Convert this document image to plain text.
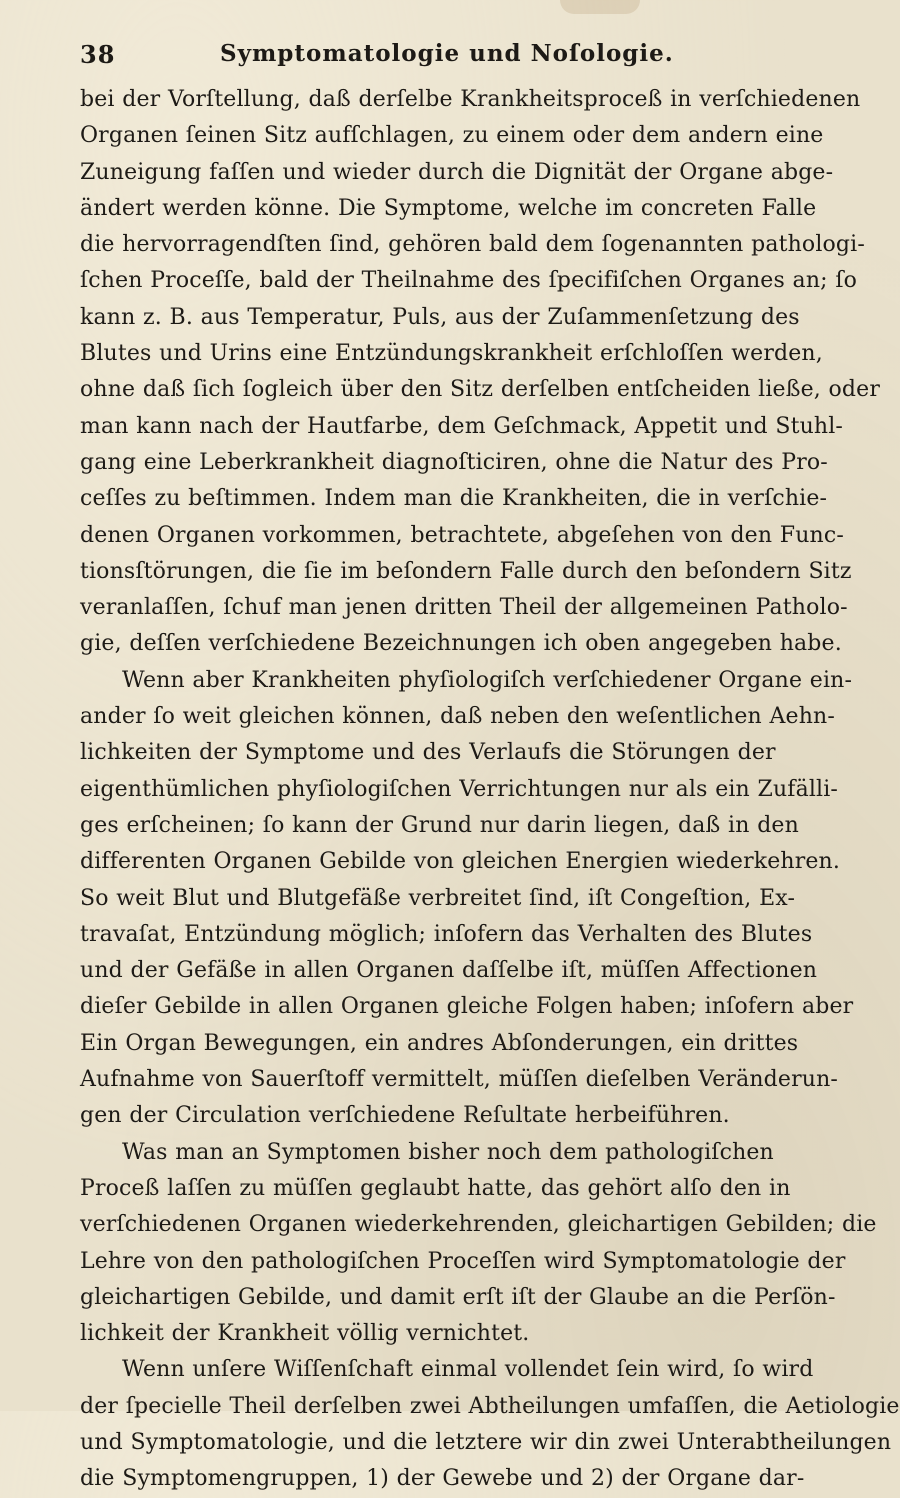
38	Symptomatologie und Noſologie.
bei der Vorſtellung, daß derſelbe Krankheitsproceß in verſchiedenen
Organen ſeinen Sitz aufſchlagen, zu einem oder dem andern eine
Zuneigung faſſen und wieder durch die Dignität der Organe abge-
ändert werden könne. Die Symptome, welche im concreten Falle
die hervorragendſten ſind, gehören bald dem ſogenannten pathologi-
ſchen Proceſſe, bald der Theilnahme des ſpecifiſchen Organes an; ſo
kann z. B. aus Temperatur, Puls, aus der Zuſammenſetzung des
Blutes und Urins eine Entzündungskrankheit erſchloſſen werden,
ohne daß ſich ſogleich über den Sitz derſelben entſcheiden ließe, oder
man kann nach der Hautfarbe, dem Geſchmack, Appetit und Stuhl-
gang eine Leberkrankheit diagnoſticiren, ohne die Natur des Pro-
ceſſes zu beſtimmen. Indem man die Krankheiten, die in verſchie-
denen Organen vorkommen, betrachtete, abgeſehen von den Func-
tionsſtörungen, die ſie im beſondern Falle durch den beſondern Sitz
veranlaſſen, ſchuf man jenen dritten Theil der allgemeinen Patholo-
gie, deſſen verſchiedene Bezeichnungen ich oben angegeben habe.
Wenn aber Krankheiten phyſiologiſch verſchiedener Organe ein-
ander ſo weit gleichen können, daß neben den weſentlichen Aehn-
lichkeiten der Symptome und des Verlaufs die Störungen der
eigenthümlichen phyſiologiſchen Verrichtungen nur als ein Zufälli-
ges erſcheinen; ſo kann der Grund nur darin liegen, daß in den
differenten Organen Gebilde von gleichen Energien wiederkehren.
So weit Blut und Blutgefäße verbreitet ſind, iſt Congeſtion, Ex-
travaſat, Entzündung möglich; inſofern das Verhalten des Blutes
und der Gefäße in allen Organen daſſelbe iſt, müſſen Affectionen
dieſer Gebilde in allen Organen gleiche Folgen haben; inſofern aber
Ein Organ Bewegungen, ein andres Abſonderungen, ein drittes
Aufnahme von Sauerſtoff vermittelt, müſſen dieſelben Veränderun-
gen der Circulation verſchiedene Reſultate herbeiführen.
Was man an Symptomen bisher noch dem pathologiſchen
Proceß laſſen zu müſſen geglaubt hatte, das gehört alſo den in
verſchiedenen Organen wiederkehrenden, gleichartigen Gebilden; die
Lehre von den pathologiſchen Proceſſen wird Symptomatologie der
gleichartigen Gebilde, und damit erſt iſt der Glaube an die Perſön-
lichkeit der Krankheit völlig vernichtet.
Wenn unſere Wiſſenſchaft einmal vollendet ſein wird, ſo wird
der ſpecielle Theil derſelben zwei Abtheilungen umfaſſen, die Aetiologie
und Symptomatologie, und die letztere wir din zwei Unterabtheilungen
die Symptomengruppen, 1) der Gewebe und 2) der Organe dar-
